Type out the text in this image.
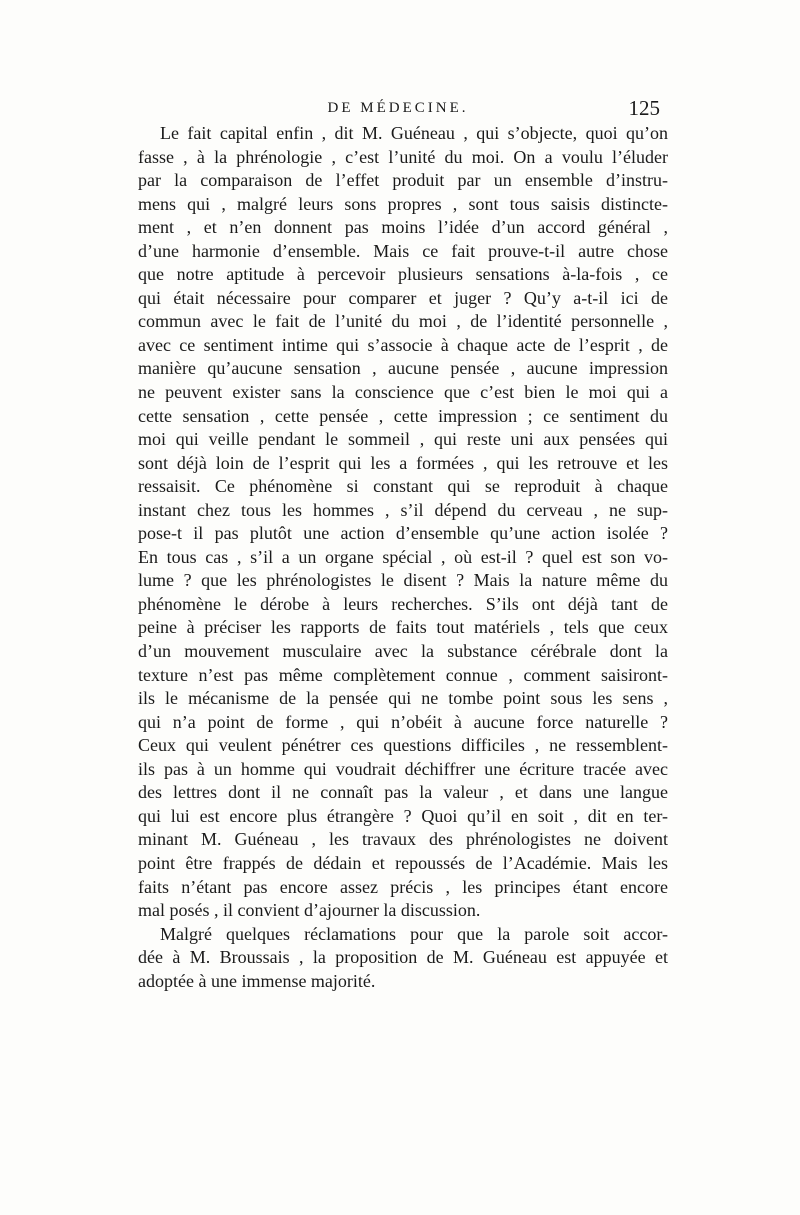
DE MÉDECINE.	125
Le fait capital enfin , dit M. Guéneau , qui s’objecte, quoi qu’on
fasse , à la phrénologie , c’est l’unité du moi. On a voulu l’éluder
par la comparaison de l’effet produit par un ensemble d’instru-
mens qui , malgré leurs sons propres , sont tous saisis distincte-
ment , et n’en donnent pas moins l’idée d’un accord général ,
d’une harmonie d’ensemble. Mais ce fait prouve-t-il autre chose
que notre aptitude à percevoir plusieurs sensations à-la-fois , ce
qui était nécessaire pour comparer et juger ? Qu’y a-t-il ici de
commun avec le fait de l’unité du moi , de l’identité personnelle ,
avec ce sentiment intime qui s’associe à chaque acte de l’esprit , de
manière qu’aucune sensation , aucune pensée , aucune impression
ne peuvent exister sans la conscience que c’est bien le moi qui a
cette sensation , cette pensée , cette impression ; ce sentiment du
moi qui veille pendant le sommeil , qui reste uni aux pensées qui
sont déjà loin de l’esprit qui les a formées , qui les retrouve et les
ressaisit. Ce phénomène si constant qui se reproduit à chaque
instant chez tous les hommes , s’il dépend du cerveau , ne sup-
pose-t il pas plutôt une action d’ensemble qu’une action isolée ?
En tous cas , s’il a un organe spécial , où est-il ? quel est son vo-
lume ? que les phrénologistes le disent ? Mais la nature même du
phénomène le dérobe à leurs recherches. S’ils ont déjà tant de
peine à préciser les rapports de faits tout matériels , tels que ceux
d’un mouvement musculaire avec la substance cérébrale dont la
texture n’est pas même complètement connue , comment saisiront-
ils le mécanisme de la pensée qui ne tombe point sous les sens ,
qui n’a point de forme , qui n’obéit à aucune force naturelle ?
Ceux qui veulent pénétrer ces questions difficiles , ne ressemblent-
ils pas à un homme qui voudrait déchiffrer une écriture tracée avec
des lettres dont il ne connaît pas la valeur , et dans une langue
qui lui est encore plus étrangère ? Quoi qu’il en soit , dit en ter-
minant M. Guéneau , les travaux des phrénologistes ne doivent
point être frappés de dédain et repoussés de l’Académie. Mais les
faits n’étant pas encore assez précis , les principes étant encore
mal posés , il convient d’ajourner la discussion.
Malgré quelques réclamations pour que la parole soit accor-
dée à M. Broussais , la proposition de M. Guéneau est appuyée et
adoptée à une immense majorité.
